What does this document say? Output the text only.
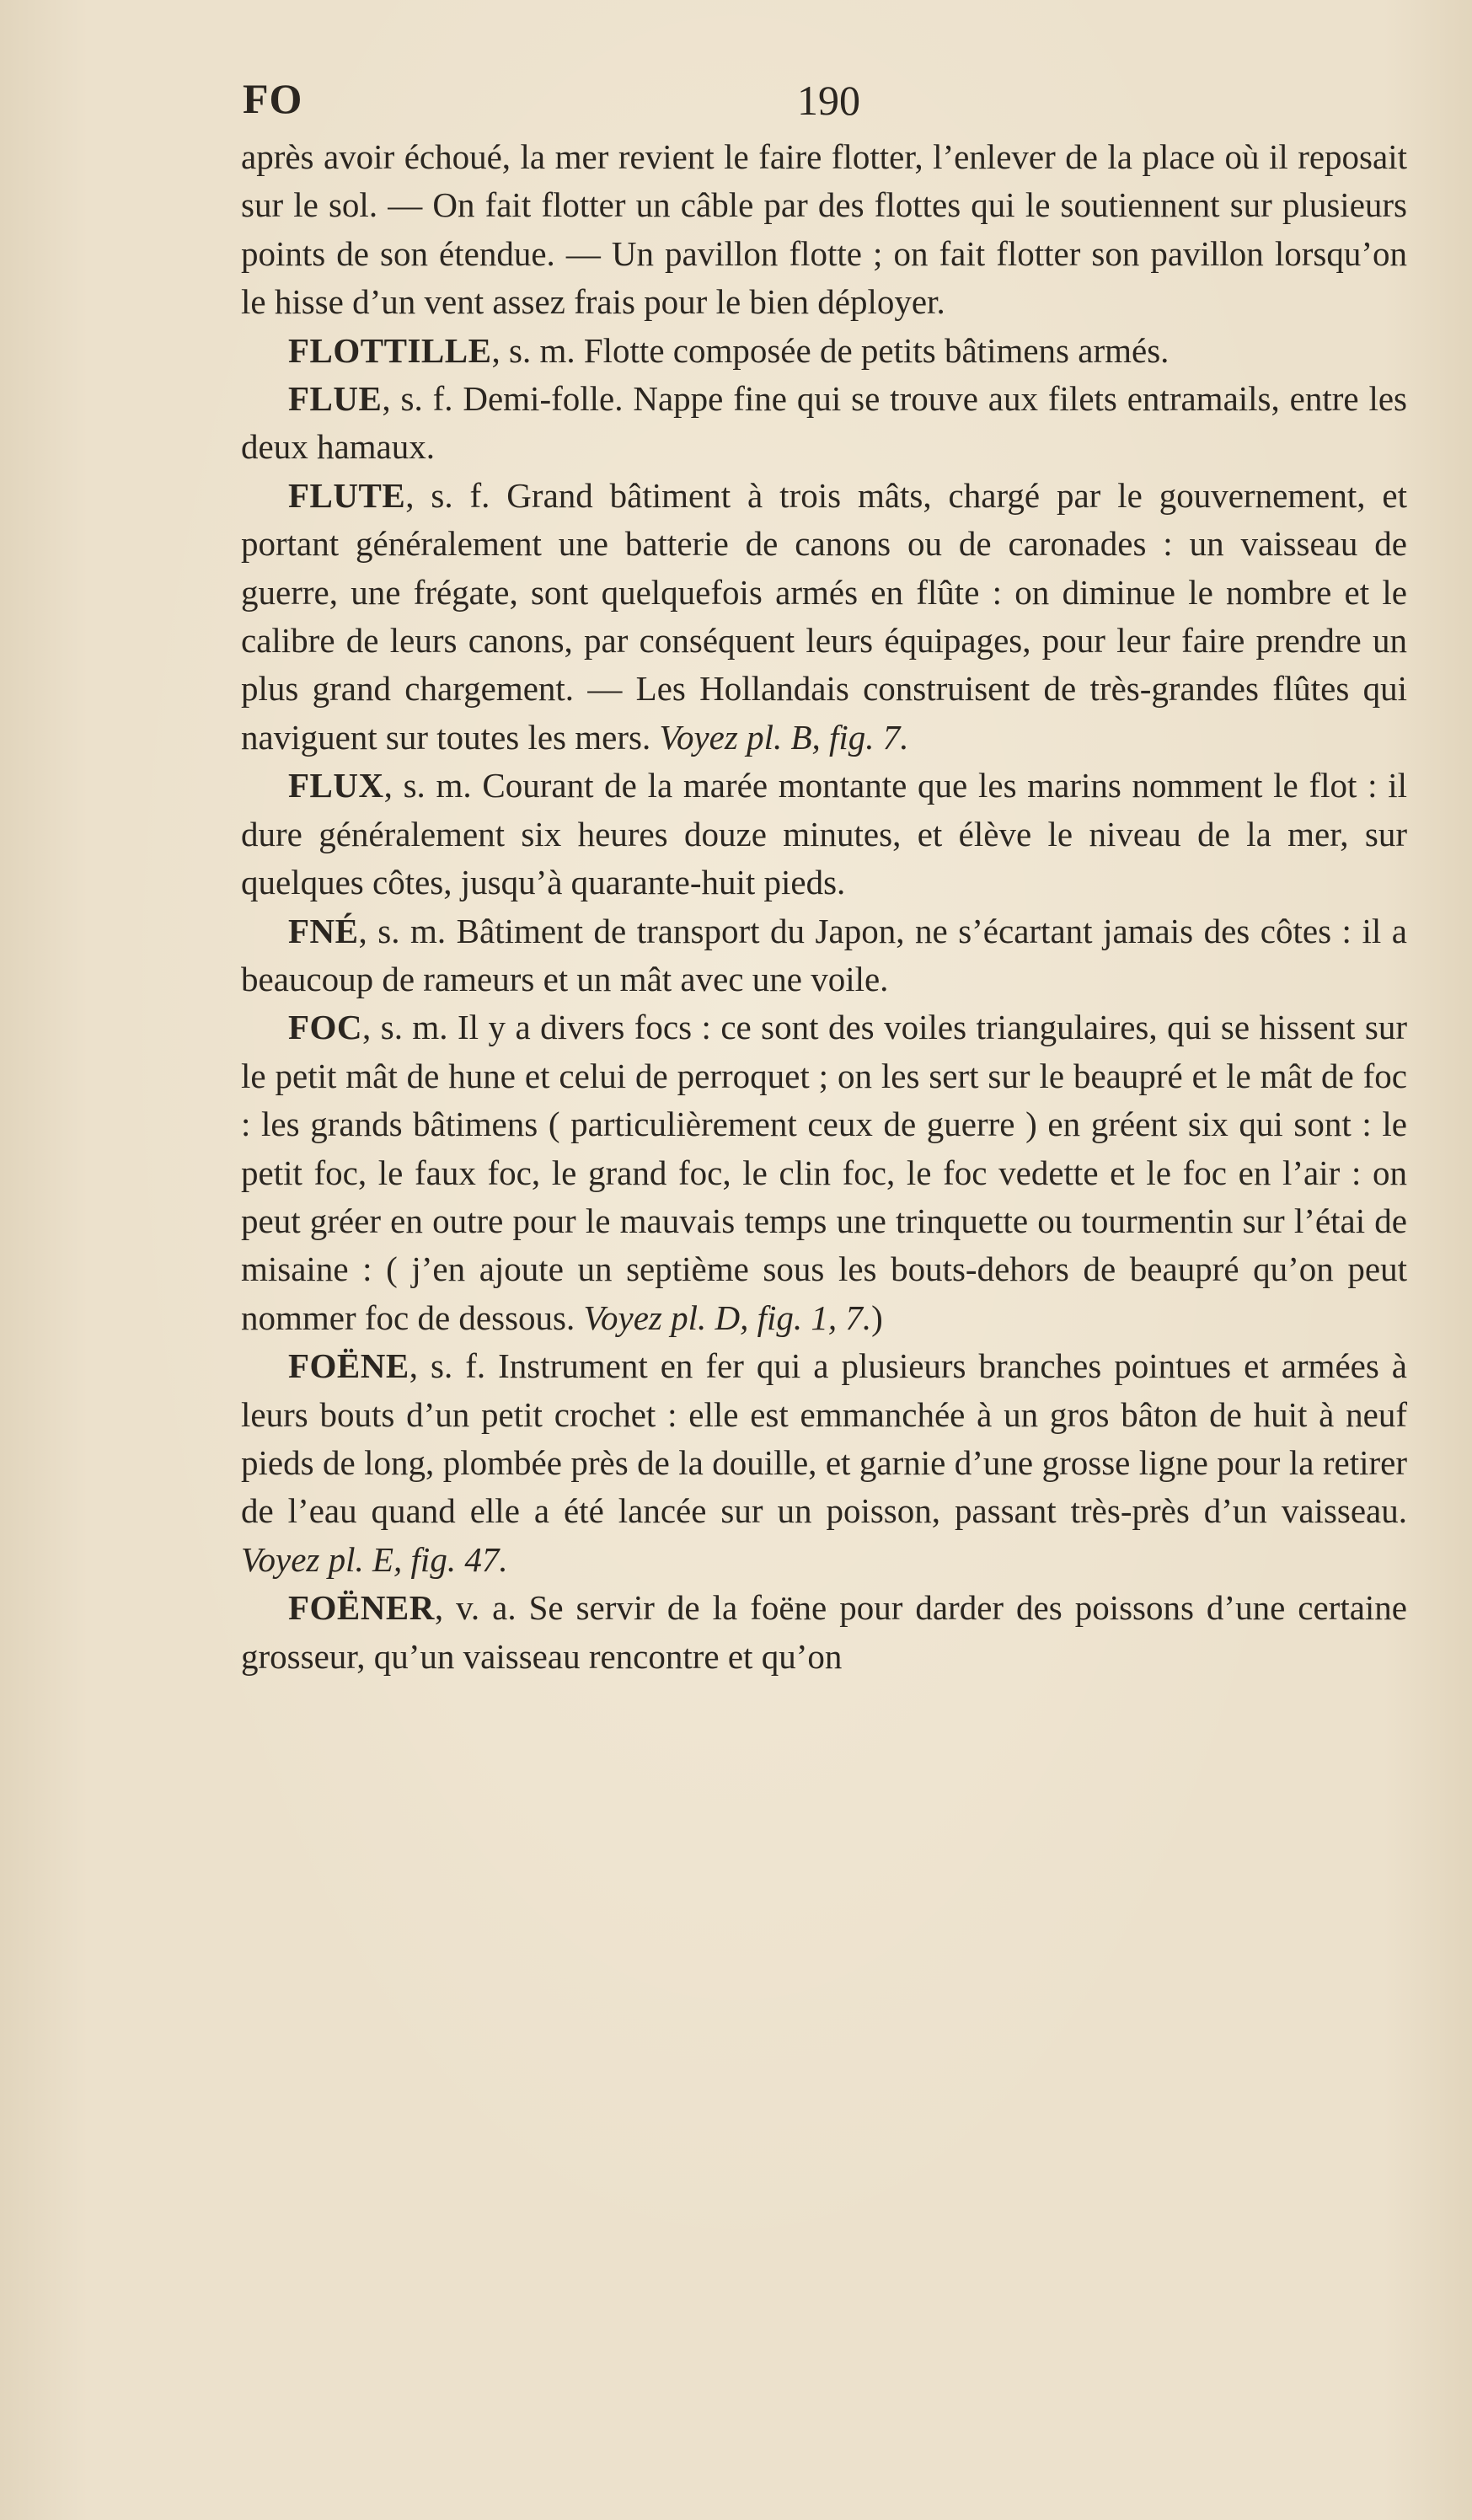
FO	190

après avoir échoué, la mer revient le faire flotter, l’enlever de la place où il reposait sur le sol. — On fait flotter un câble par des flottes qui le soutiennent sur plusieurs points de son étendue. — Un pavillon flotte ; on fait flotter son pavillon lorsqu’on le hisse d’un vent assez frais pour le bien déployer.

FLOTTILLE, s. m. Flotte composée de petits bâtimens armés.

FLUE, s. f. Demi-folle. Nappe fine qui se trouve aux filets entramails, entre les deux hamaux.

FLUTE, s. f. Grand bâtiment à trois mâts, chargé par le gouvernement, et portant généralement une batterie de canons ou de caronades : un vaisseau de guerre, une frégate, sont quelquefois armés en flûte : on diminue le nombre et le calibre de leurs canons, par conséquent leurs équipages, pour leur faire prendre un plus grand chargement. — Les Hollandais construisent de très-grandes flûtes qui naviguent sur toutes les mers. Voyez pl. B, fig. 7.

FLUX, s. m. Courant de la marée montante que les marins nomment le flot : il dure généralement six heures douze minutes, et élève le niveau de la mer, sur quelques côtes, jusqu’à quarante-huit pieds.

FNÉ, s. m. Bâtiment de transport du Japon, ne s’écartant jamais des côtes : il a beaucoup de rameurs et un mât avec une voile.

FOC, s. m. Il y a divers focs : ce sont des voiles triangulaires, qui se hissent sur le petit mât de hune et celui de perroquet ; on les sert sur le beaupré et le mât de foc : les grands bâtimens ( particulièrement ceux de guerre ) en gréent six qui sont : le petit foc, le faux foc, le grand foc, le clin foc, le foc vedette et le foc en l’air : on peut gréer en outre pour le mauvais temps une trinquette ou tourmentin sur l’étai de misaine : ( j’en ajoute un septième sous les bouts-dehors de beaupré qu’on peut nommer foc de dessous. Voyez pl. D, fig. 1, 7.)

FOËNE, s. f. Instrument en fer qui a plusieurs branches pointues et armées à leurs bouts d’un petit crochet : elle est emmanchée à un gros bâton de huit à neuf pieds de long, plombée près de la douille, et garnie d’une grosse ligne pour la retirer de l’eau quand elle a été lancée sur un poisson, passant très-près d’un vaisseau. Voyez pl. E, fig. 47.

FOËNER, v. a. Se servir de la foëne pour darder des poissons d’une certaine grosseur, qu’un vaisseau rencontre et qu’on
